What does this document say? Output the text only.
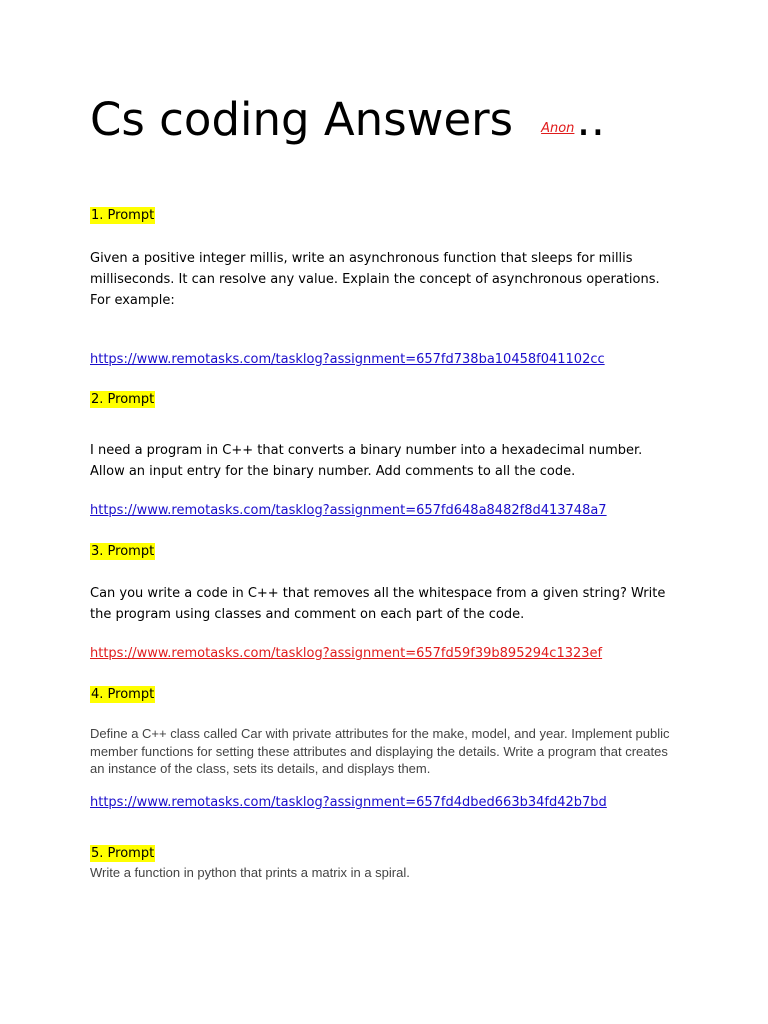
Cs coding Answers Anon..
1. Prompt

Given a positive integer millis, write an asynchronous function that sleeps for millis milliseconds. It can resolve any value. Explain the concept of asynchronous operations. For example:

https://www.remotasks.com/tasklog?assignment=657fd738ba10458f041102cc
2. Prompt

I need a program in C++ that converts a binary number into a hexadecimal number. Allow an input entry for the binary number. Add comments to all the code.

https://www.remotasks.com/tasklog?assignment=657fd648a8482f8d413748a7
3. Prompt

Can you write a code in C++ that removes all the whitespace from a given string? Write the program using classes and comment on each part of the code.

https://www.remotasks.com/tasklog?assignment=657fd59f39b895294c1323ef
4. Prompt

Define a C++ class called Car with private attributes for the make, model, and year. Implement public member functions for setting these attributes and displaying the details. Write a program that creates an instance of the class, sets its details, and displays them.

https://www.remotasks.com/tasklog?assignment=657fd4dbed663b34fd42b7bd
5. Prompt

Write a function in python that prints a matrix in a spiral.
